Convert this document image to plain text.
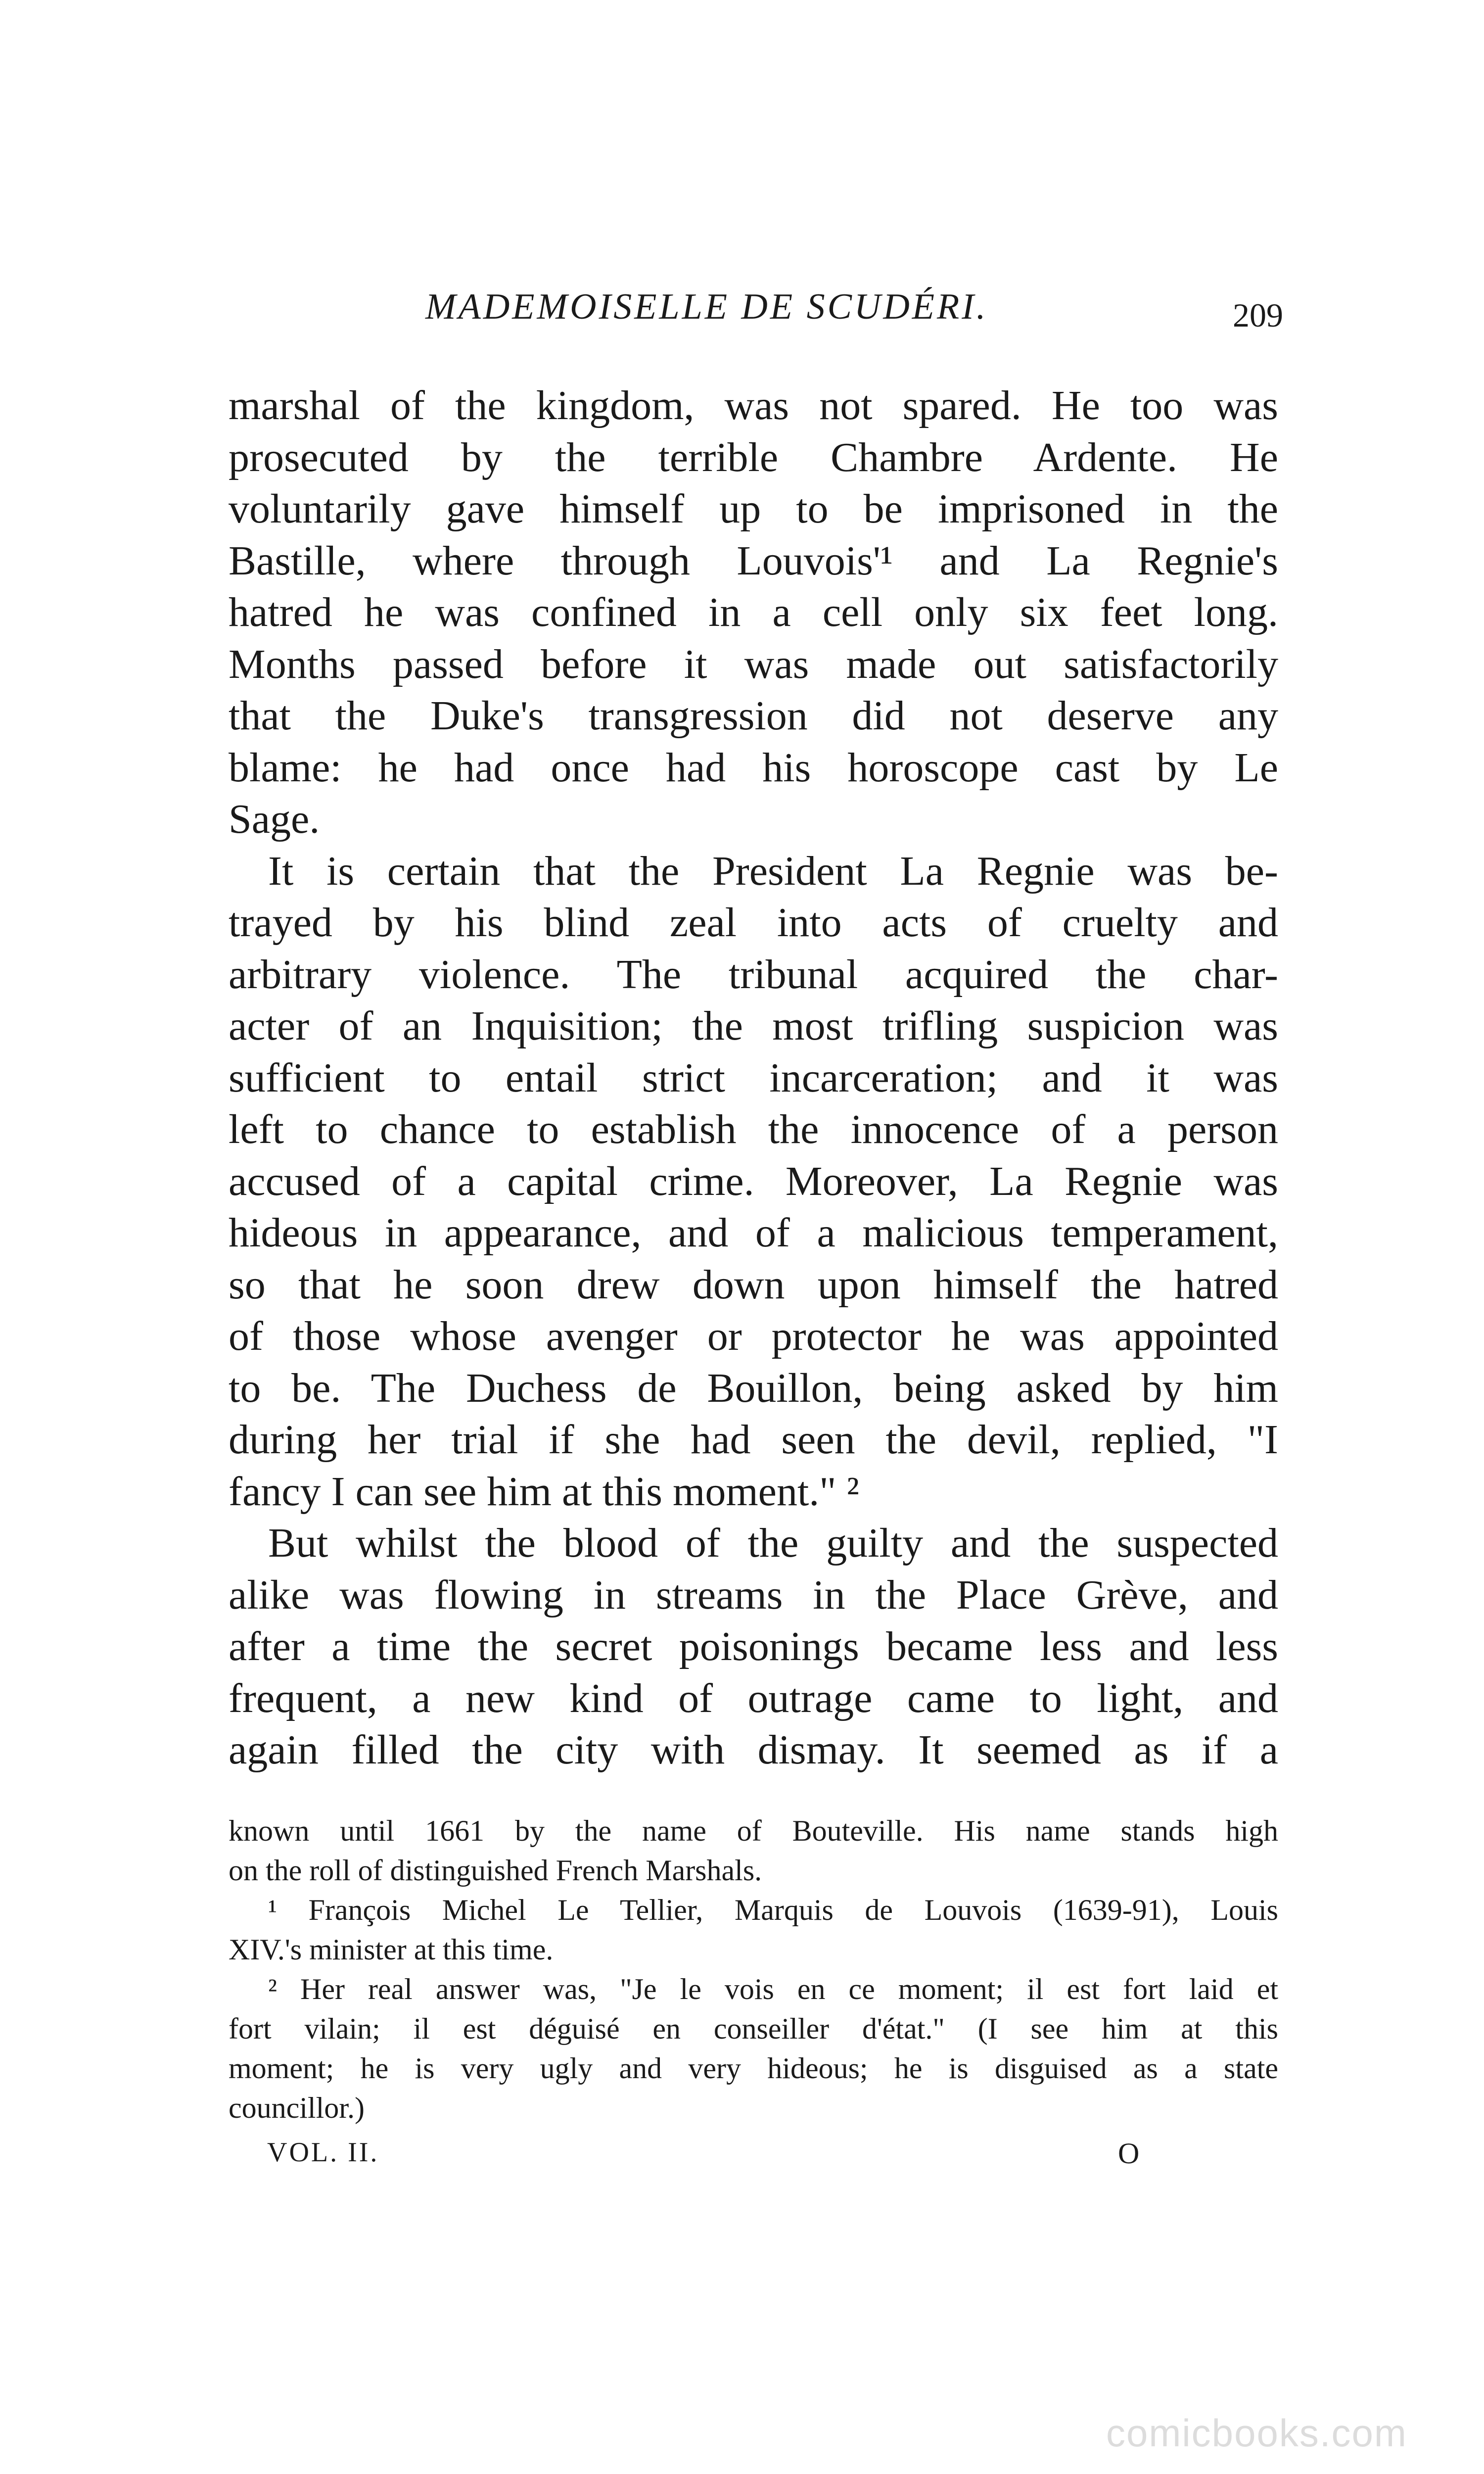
MADEMOISELLE DE SCUDÉRI.	209
marshal of the kingdom, was not spared. He too was
prosecuted by the terrible Chambre Ardente. He
voluntarily gave himself up to be imprisoned in the
Bastille, where through Louvois'¹ and La Regnie's
hatred he was confined in a cell only six feet long.
Months passed before it was made out satisfactorily
that the Duke's transgression did not deserve any
blame: he had once had his horoscope cast by Le
Sage.
It is certain that the President La Regnie was be-
trayed by his blind zeal into acts of cruelty and
arbitrary violence. The tribunal acquired the char-
acter of an Inquisition; the most trifling suspicion was
sufficient to entail strict incarceration; and it was
left to chance to establish the innocence of a person
accused of a capital crime. Moreover, La Regnie was
hideous in appearance, and of a malicious temperament,
so that he soon drew down upon himself the hatred
of those whose avenger or protector he was appointed
to be. The Duchess de Bouillon, being asked by him
during her trial if she had seen the devil, replied, "I
fancy I can see him at this moment." ²
But whilst the blood of the guilty and the suspected
alike was flowing in streams in the Place Grève, and
after a time the secret poisonings became less and less
frequent, a new kind of outrage came to light, and
again filled the city with dismay. It seemed as if a
known until 1661 by the name of Bouteville. His name stands high
on the roll of distinguished French Marshals.
¹ François Michel Le Tellier, Marquis de Louvois (1639-91), Louis
XIV.'s minister at this time.
² Her real answer was, "Je le vois en ce moment; il est fort laid et
fort vilain; il est déguisé en conseiller d'état." (I see him at this
moment; he is very ugly and very hideous; he is disguised as a state
councillor.)
VOL. II.	O
comicbooks.com
